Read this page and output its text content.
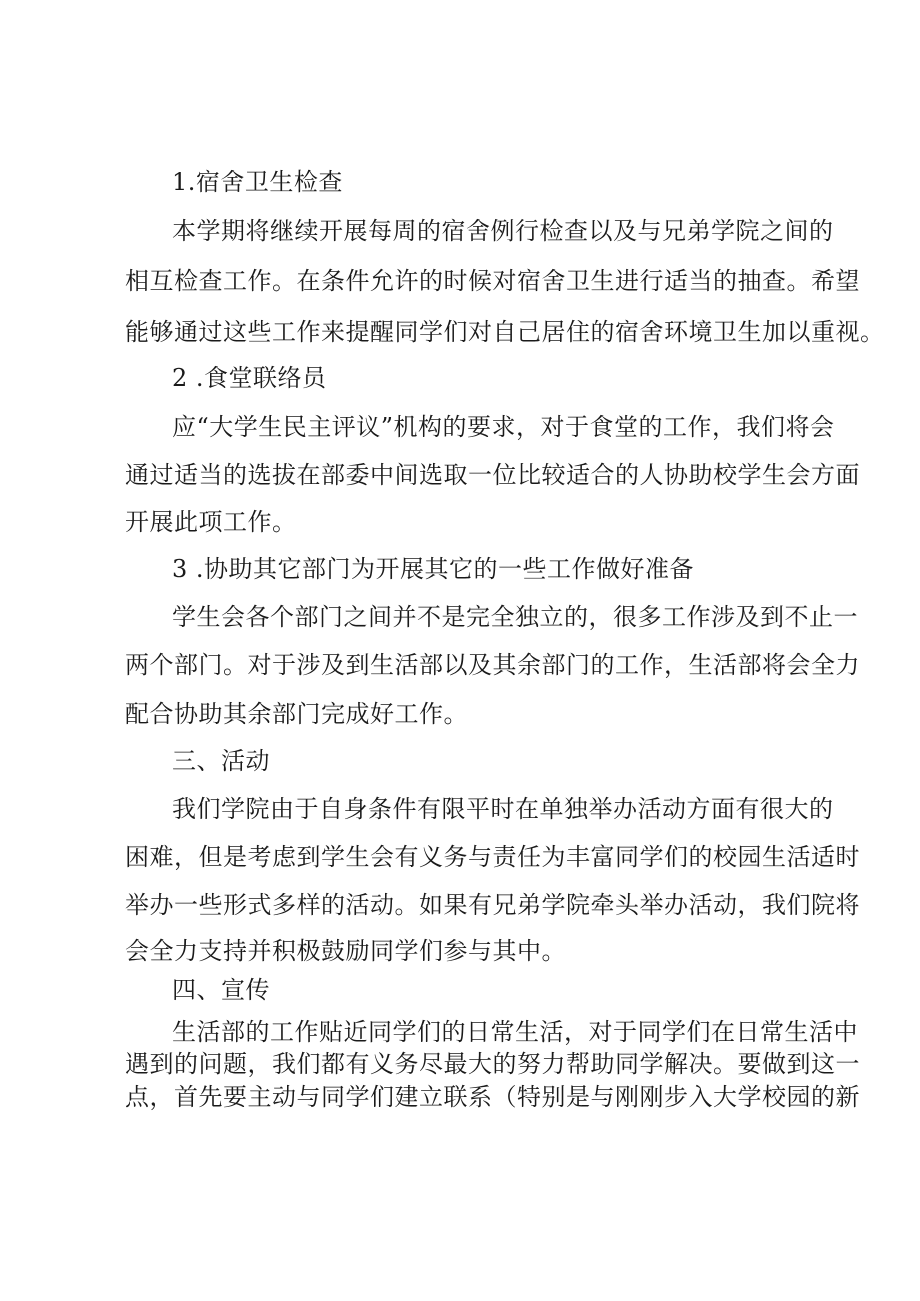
1.宿舍卫生检查

本学期将继续开展每周的宿舍例行检查以及与兄弟学院之间的

相互检查工作。在条件允许的时候对宿舍卫生进行适当的抽查。希望

能够通过这些工作来提醒同学们对自己居住的宿舍环境卫生加以重视。

2 .食堂联络员

应“大学生民主评议”机构的要求，对于食堂的工作，我们将会

通过适当的选拔在部委中间选取一位比较适合的人协助校学生会方面

开展此项工作。

3 .协助其它部门为开展其它的一些工作做好准备

学生会各个部门之间并不是完全独立的，很多工作涉及到不止一

两个部门。对于涉及到生活部以及其余部门的工作，生活部将会全力

配合协助其余部门完成好工作。

三、活动

我们学院由于自身条件有限平时在单独举办活动方面有很大的

困难，但是考虑到学生会有义务与责任为丰富同学们的校园生活适时

举办一些形式多样的活动。如果有兄弟学院牵头举办活动，我们院将

会全力支持并积极鼓励同学们参与其中。

四、宣传

生活部的工作贴近同学们的日常生活，对于同学们在日常生活中

遇到的问题，我们都有义务尽最大的努力帮助同学解决。要做到这一

点，首先要主动与同学们建立联系（特别是与刚刚步入大学校园的新
